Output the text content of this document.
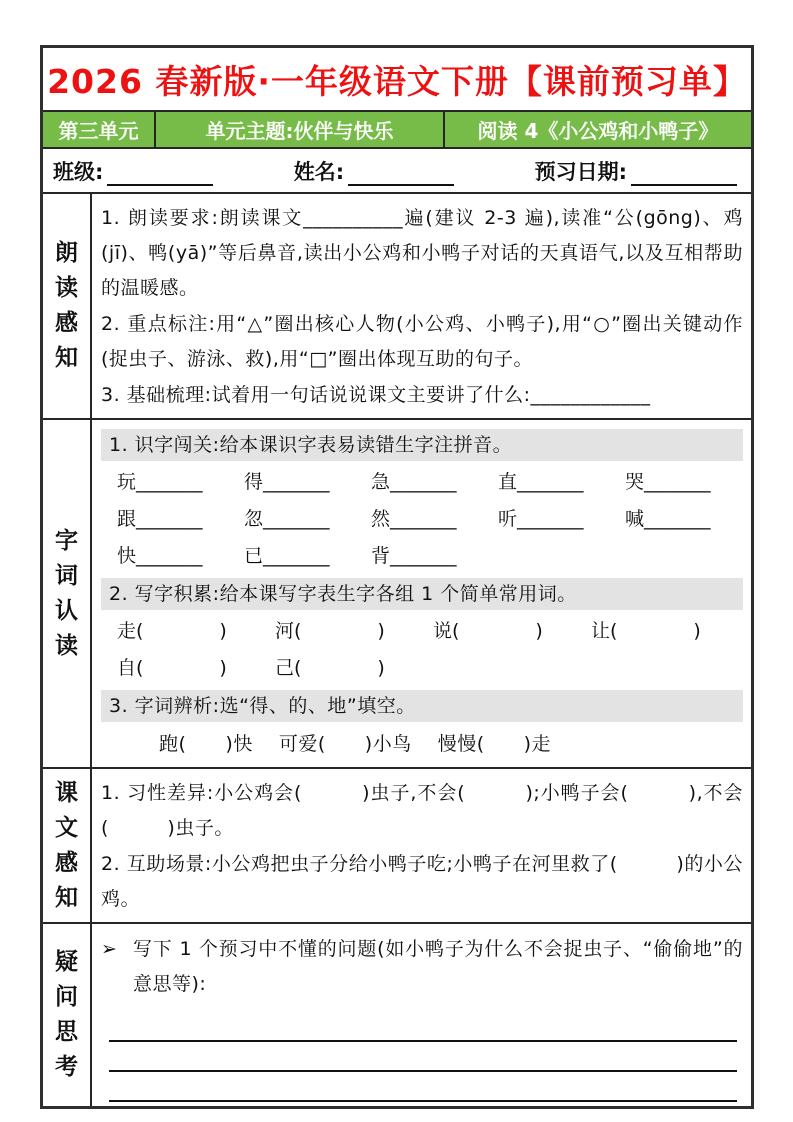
2026 春新版·一年级语文下册【课前预习单】
第三单元	单元主题:伙伴与快乐	阅读 4《小公鸡和小鸭子》
班级:	姓名:	预习日期:
朗
读
感
知

1. 朗读要求:朗读课文__________遍(建议 2-3 遍),读准“公(gōng)、鸡(jī)、鸭(yā)”等后鼻音,读出小公鸡和小鸭子对话的天真语气,以及互相帮助的温暖感。

2. 重点标注:用“△”圈出核心人物(小公鸡、小鸭子),用“○”圈出关键动作(捉虫子、游泳、救),用“□”圈出体现互助的句子。

3. 基础梳理:试着用一句话说说课文主要讲了什么:____________

字
词
认
读
1. 识字闯关:给本课识字表易读错生字注拼音。
玩_______	得_______	急_______	直_______	哭_______
跟_______	忽_______	然_______	听_______	喊_______
快_______	已_______	背_______
2. 写字积累:给本课写字表生字各组 1 个简单常用词。
走(　　　　)	河(　　　　)	说(　　　　)	让(　　　　)
自(　　　　)	己(　　　　)
3. 字词辨析:选“得、的、地”填空。
跑(　　)快　 可爱(　　)小鸟　 慢慢(　　)走
课
文
感
知

1. 习性差异:小公鸡会(　　　)虫子,不会(　　　);小鸭子会(　　　),不会(　　　)虫子。

2. 互助场景:小公鸡把虫子分给小鸭子吃;小鸭子在河里救了(　　　)的小公鸡。

疑
问
思
考
➢ 写下 1 个预习中不懂的问题(如小鸭子为什么不会捉虫子、“偷偷地”的意思等):
